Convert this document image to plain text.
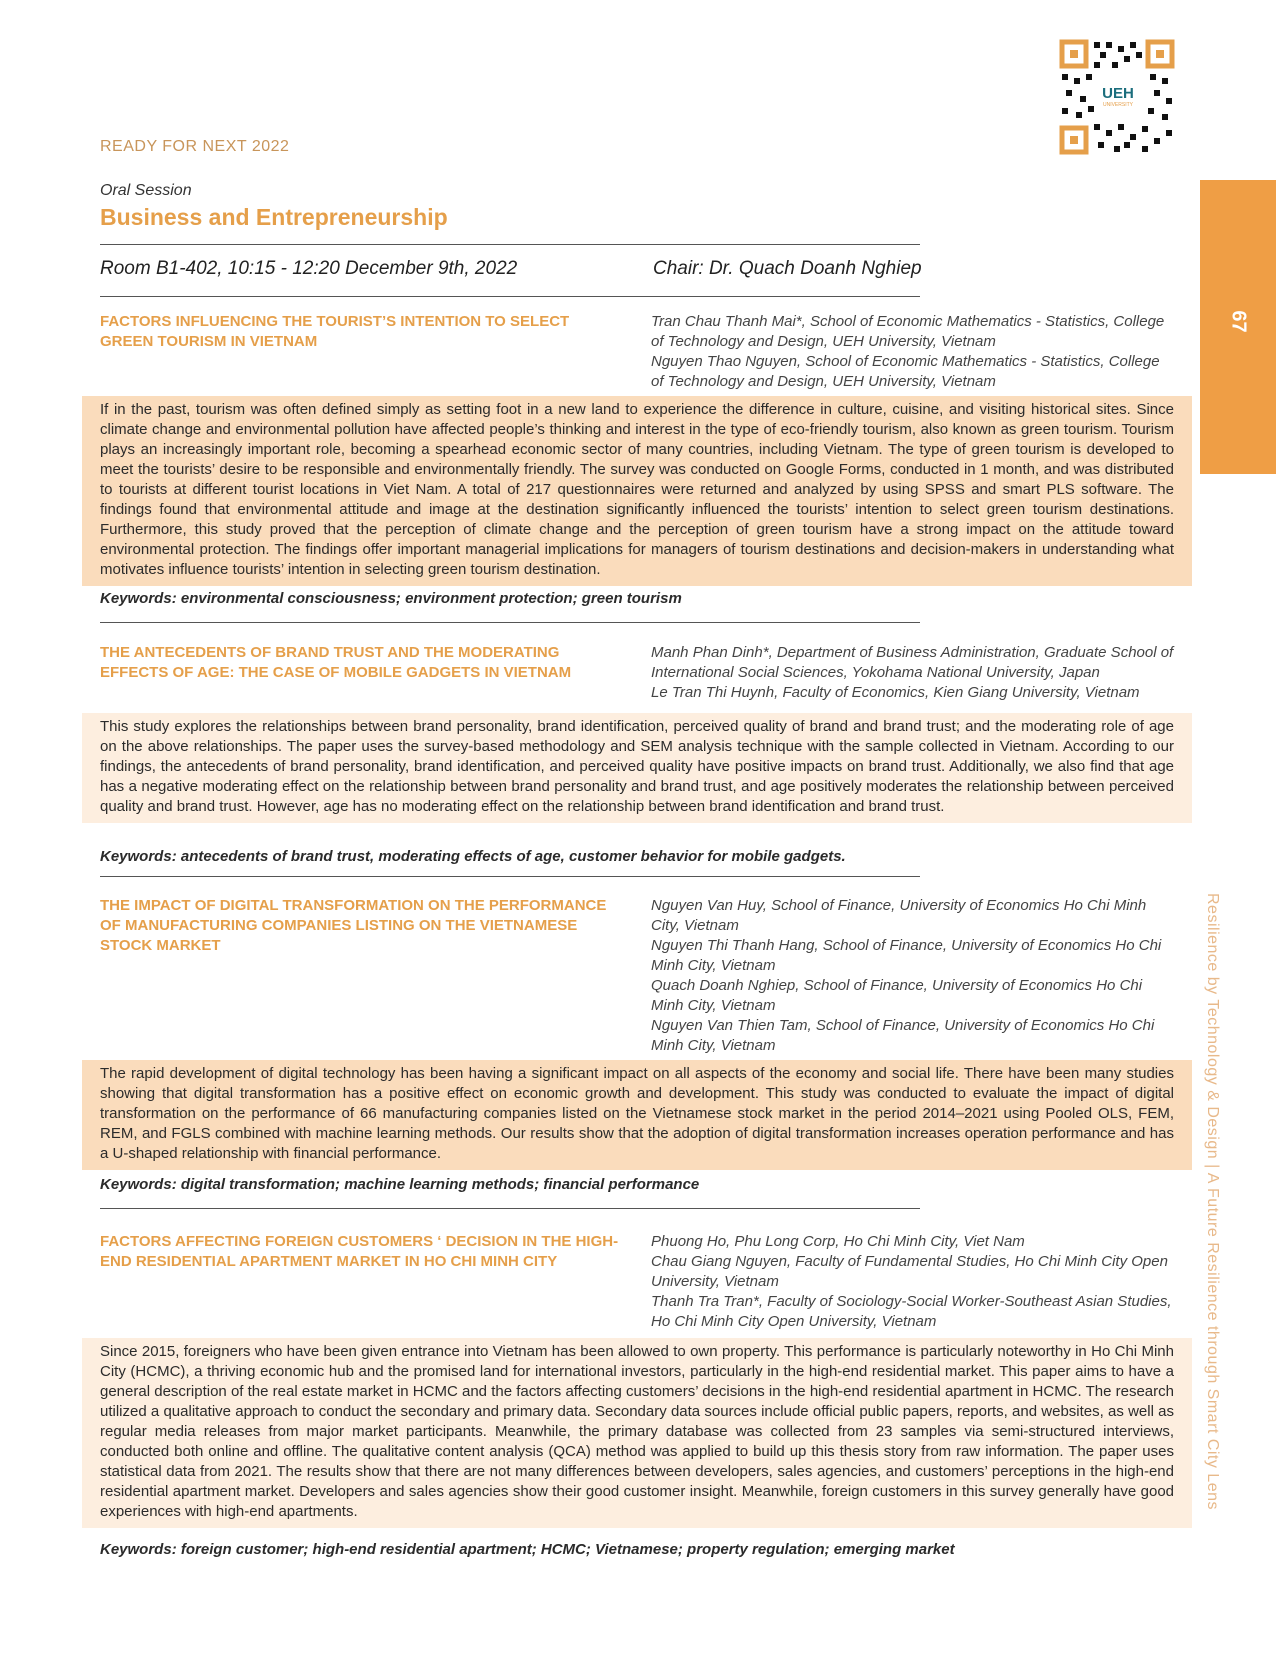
READY FOR NEXT 2022
UEH
UNIVERSITY
Oral Session
Business and Entrepreneurship
Room B1-402, 10:15 - 12:20 December 9th, 2022	Chair: Dr. Quach Doanh Nghiep
FACTORS INFLUENCING THE TOURIST’S INTENTION TO SELECT GREEN TOURISM IN VIETNAM
Tran Chau Thanh Mai*, School of Economic Mathematics - Statistics, College of Technology and Design, UEH University, Vietnam
Nguyen Thao Nguyen, School of Economic Mathematics - Statistics, College of Technology and Design, UEH University, Vietnam
If in the past, tourism was often defined simply as setting foot in a new land to experience the difference in culture, cuisine, and visiting historical sites. Since climate change and environmental pollution have affected people’s thinking and interest in the type of eco-friendly tourism, also known as green tourism. Tourism plays an increasingly important role, becoming a spearhead economic sector of many countries, including Vietnam. The type of green tourism is developed to meet the tourists’ desire to be responsible and environmentally friendly. The survey was conducted on Google Forms, conducted in 1 month, and was distributed to tourists at different tourist locations in Viet Nam. A total of 217 questionnaires were returned and analyzed by using SPSS and smart PLS software. The findings found that environmental attitude and image at the destination significantly influenced the tourists’ intention to select green tourism destinations. Furthermore, this study proved that the perception of climate change and the perception of green tourism have a strong impact on the attitude toward environmental protection. The findings offer important managerial implications for managers of tourism destinations and decision-makers in understanding what motivates influence tourists’ intention in selecting green tourism destination.
Keywords: environmental consciousness; environment protection; green tourism
THE ANTECEDENTS OF BRAND TRUST AND THE MODERATING EFFECTS OF AGE: THE CASE OF MOBILE GADGETS IN VIETNAM
Manh Phan Dinh*, Department of Business Administration, Graduate School of International Social Sciences, Yokohama National University, Japan
Le Tran Thi Huynh, Faculty of Economics, Kien Giang University, Vietnam
This study explores the relationships between brand personality, brand identification, perceived quality of brand and brand trust; and the moderating role of age on the above relationships. The paper uses the survey-based methodology and SEM analysis technique with the sample collected in Vietnam. According to our findings, the antecedents of brand personality, brand identification, and perceived quality have positive impacts on brand trust. Additionally, we also find that age has a negative moderating effect on the relationship between brand personality and brand trust, and age positively moderates the relationship between perceived quality and brand trust. However, age has no moderating effect on the relationship between brand identification and brand trust.
Keywords: antecedents of brand trust, moderating effects of age, customer behavior for mobile gadgets.
THE IMPACT OF DIGITAL TRANSFORMATION ON THE PERFORMANCE OF MANUFACTURING COMPANIES LISTING ON THE VIETNAMESE STOCK MARKET
Nguyen Van Huy, School of Finance, University of Economics Ho Chi Minh City, Vietnam
Nguyen Thi Thanh Hang, School of Finance, University of Economics Ho Chi Minh City, Vietnam
Quach Doanh Nghiep, School of Finance, University of Economics Ho Chi Minh City, Vietnam
Nguyen Van Thien Tam, School of Finance, University of Economics Ho Chi Minh City, Vietnam
The rapid development of digital technology has been having a significant impact on all aspects of the economy and social life. There have been many studies showing that digital transformation has a positive effect on economic growth and development. This study was conducted to evaluate the impact of digital transformation on the performance of 66 manufacturing companies listed on the Vietnamese stock market in the period 2014–2021 using Pooled OLS, FEM, REM, and FGLS combined with machine learning methods. Our results show that the adoption of digital transformation increases operation performance and has a U-shaped relationship with financial performance.
Keywords: digital transformation; machine learning methods; financial performance
FACTORS AFFECTING FOREIGN CUSTOMERS ‘ DECISION IN THE HIGH-END RESIDENTIAL APARTMENT MARKET IN HO CHI MINH CITY
Phuong Ho, Phu Long Corp, Ho Chi Minh City, Viet Nam
Chau Giang Nguyen, Faculty of Fundamental Studies, Ho Chi Minh City Open University, Vietnam
Thanh Tra Tran*, Faculty of Sociology-Social Worker-Southeast Asian Studies, Ho Chi Minh City Open University, Vietnam
Since 2015, foreigners who have been given entrance into Vietnam has been allowed to own property. This performance is particularly noteworthy in Ho Chi Minh City (HCMC), a thriving economic hub and the promised land for international investors, particularly in the high-end residential market. This paper aims to have a general description of the real estate market in HCMC and the factors affecting customers’ decisions in the high-end residential apartment in HCMC. The research utilized a qualitative approach to conduct the secondary and primary data. Secondary data sources include official public papers, reports, and websites, as well as regular media releases from major market participants. Meanwhile, the primary database was collected from 23 samples via semi-structured interviews, conducted both online and offline. The qualitative content analysis (QCA) method was applied to build up this thesis story from raw information. The paper uses statistical data from 2021. The results show that there are not many differences between developers, sales agencies, and customers’ perceptions in the high-end residential apartment market. Developers and sales agencies show their good customer insight. Meanwhile, foreign customers in this survey generally have good experiences with high-end apartments.
Keywords: foreign customer; high-end residential apartment; HCMC; Vietnamese; property regulation; emerging market
67
Resilience by Technology & Design | A Future Resilience through Smart City Lens
